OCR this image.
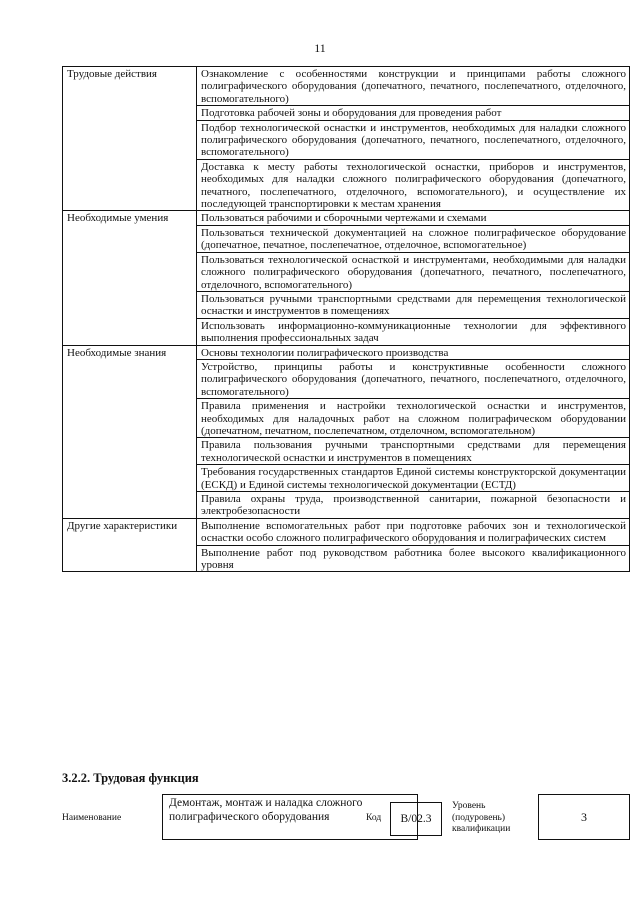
11
Трудовые действия	Ознакомление с особенностями конструкции и принципами работы сложного полиграфического оборудования (допечатного, печатного, послепечатного, отделочного, вспомогательного)
	Подготовка рабочей зоны и оборудования для проведения работ
	Подбор технологической оснастки и инструментов, необходимых для наладки сложного полиграфического оборудования (допечатного, печатного, послепечатного, отделочного, вспомогательного)
	Доставка к месту работы технологической оснастки, приборов и инструментов, необходимых для наладки сложного полиграфического оборудования (допечатного, печатного, послепечатного, отделочного, вспомогательного), и осуществление их последующей транспортировки к местам хранения
Необходимые умения	Пользоваться рабочими и сборочными чертежами и схемами
	Пользоваться технической документацией на сложное полиграфическое оборудование (допечатное, печатное, послепечатное, отделочное, вспомогательное)
	Пользоваться технологической оснасткой и инструментами, необходимыми для наладки сложного полиграфического оборудования (допечатного, печатного, послепечатного, отделочного, вспомогательного)
	Пользоваться ручными транспортными средствами для перемещения технологической оснастки и инструментов в помещениях
	Использовать информационно-коммуникационные технологии для эффективного выполнения профессиональных задач
Необходимые знания	Основы технологии полиграфического производства
	Устройство, принципы работы и конструктивные особенности сложного полиграфического оборудования (допечатного, печатного, послепечатного, отделочного, вспомогательного)
	Правила применения и настройки технологической оснастки и инструментов, необходимых для наладочных работ на сложном полиграфическом оборудовании (допечатном, печатном, послепечатном, отделочном, вспомогательном)
	Правила пользования ручными транспортными средствами для перемещения технологической оснастки и инструментов в помещениях
	Требования государственных стандартов Единой системы конструкторской документации (ЕСКД) и Единой системы технологической документации (ЕСТД)
	Правила охраны труда, производственной санитарии, пожарной безопасности и электробезопасности
Другие характеристики	Выполнение вспомогательных работ при подготовке рабочих зон и технологической оснастки особо сложного полиграфического оборудования и полиграфических систем
	Выполнение работ под руководством работника более высокого квалификационного уровня
3.2.2. Трудовая функция
Наименование
Демонтаж, монтаж и наладка сложного полиграфического оборудования	Код	B/02.3
Уровень (подуровень) квалификации
3
